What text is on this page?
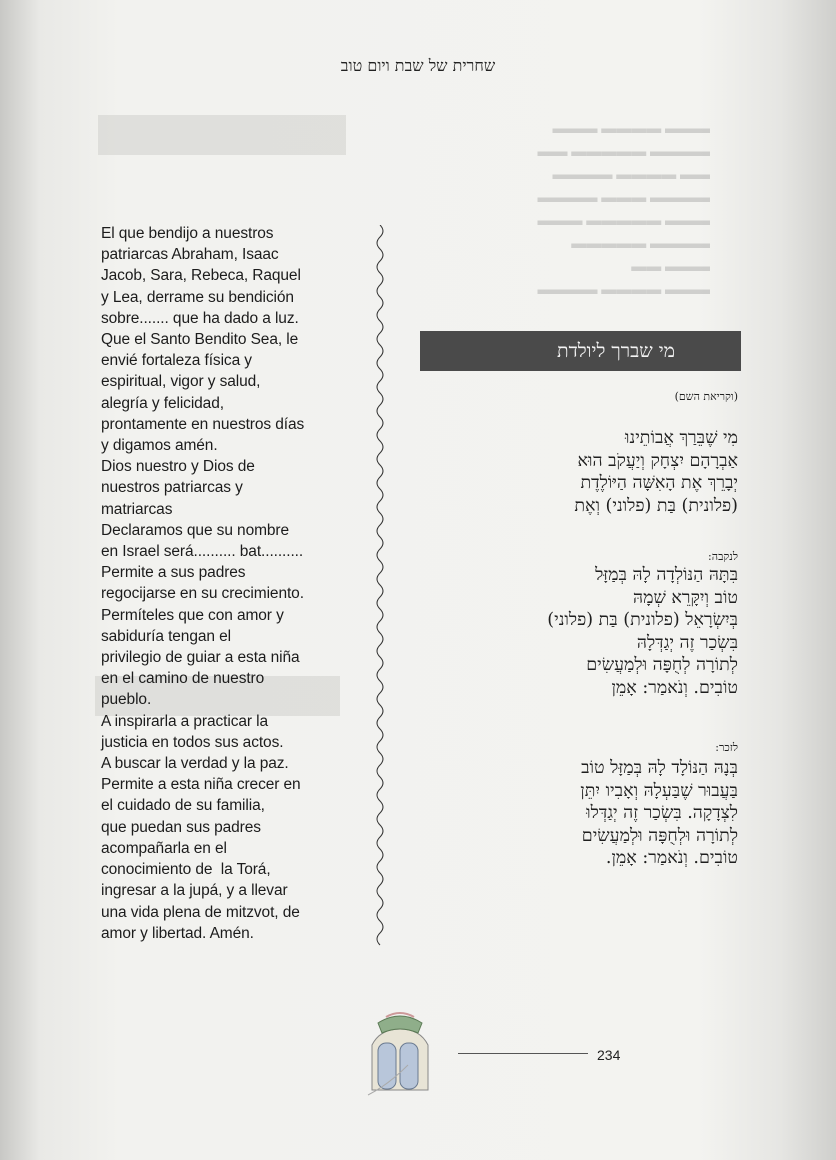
▬▬▬ ▬▬▬▬ ▬▬▬
▬▬▬▬ ▬▬▬▬▬ ▬▬
▬▬ ▬▬▬▬ ▬▬▬▬
▬▬▬▬ ▬▬▬ ▬▬▬▬
▬▬▬ ▬▬▬▬▬ ▬▬▬
▬▬▬▬ ▬▬▬▬▬
▬▬▬ ▬▬
▬▬▬ ▬▬▬▬ ▬▬▬▬
שחרית של שבת ויום טוב
El que bendijo a nuestros
patriarcas Abraham, Isaac
Jacob, Sara, Rebeca, Raquel
y Lea, derrame su bendición
sobre....... que ha dado a luz.
Que el Santo Bendito Sea, le
envié fortaleza física y
espiritual, vigor y salud,
alegría y felicidad,
prontamente en nuestros días
y digamos amén.
Dios nuestro y Dios de
nuestros patriarcas y
matriarcas
Declaramos que su nombre
en Israel será.......... bat..........
Permite a sus padres
regocijarse en su crecimiento.
Permíteles que con amor y
sabiduría tengan el
privilegio de guiar a esta niña
en el camino de nuestro
pueblo.
A inspirarla a practicar la
justicia en todos sus actos.
A buscar la verdad y la paz.
Permite a esta niña crecer en
el cuidado de su familia,
que puedan sus padres
acompañarla en el
conocimiento de  la Torá,
ingresar a la jupá, y a llevar
una vida plena de mitzvot, de
amor y libertad. Amén.
מי שברך ליולדת
(וקריאת השם)
מִי שֶׁבֵּרַךְ אֲבוֹתֵינוּ
אַבְרָהָם יִצְחָק וְיַעֲקֹב הוּא
יְבָרֵךְ אֶת הָאִשָּׁה הַיּוֹלֶדֶת
(פלונית) בַּת (פלוני) וְאֶת
לנקבה:
בִּתָּהּ הַנּוֹלְדָה לָהּ בְּמַזָּל
טוֹב וְיִקָּרֵא שְׁמָהּ
בְּיִשְׂרָאֵל (פלונית) בַּת (פלוני)
בִּשְׂכַר זֶה יְגַדְּלָהּ
לְתוֹרָה לְחֻפָּה וּלְמַעֲשִׂים
טוֹבִים. וְנֹאמַר: אָמֵן
לזכר:
בְּנָהּ הַנּוֹלָד לָהּ בְּמַזָּל טוֹב
בַּעֲבוּר שֶׁבַּעְלָהּ וְאָבִיו יִתֵּן
לִצְדָקָה. בִּשְׂכַר זֶה יְגַדְּלוּ
לְתוֹרָה וּלְחֻפָּה וּלְמַעֲשִׂים
טוֹבִים. וְנֹאמַר: אָמֵן.
234
